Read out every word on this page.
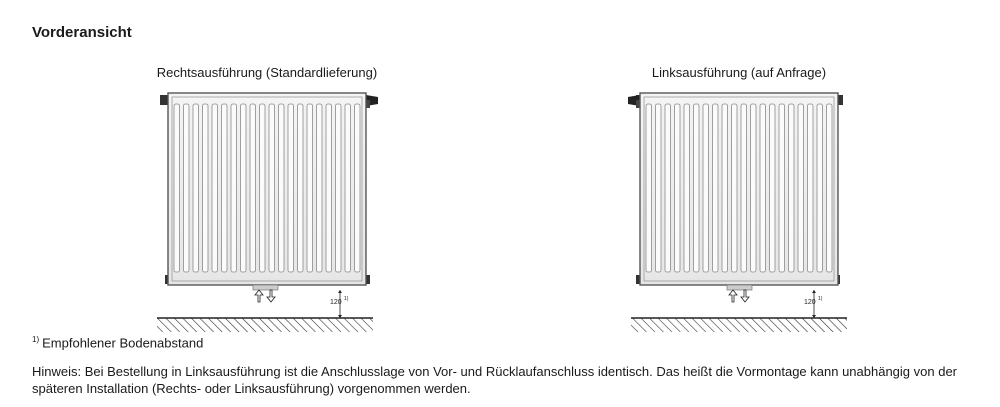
Vorderansicht
Rechtsausführung (Standardlieferung)	Linksausführung (auf Anfrage)
120 1)	120 1)
$^{1)}$ Empfohlener Bodenabstand
Hinweis: Bei Bestellung in Linksausführung ist die Anschlusslage von Vor- und Rücklaufanschluss identisch. Das heißt die Vormontage kann unabhängig von der späteren Installation (Rechts- oder Linksausführung) vorgenommen werden.
